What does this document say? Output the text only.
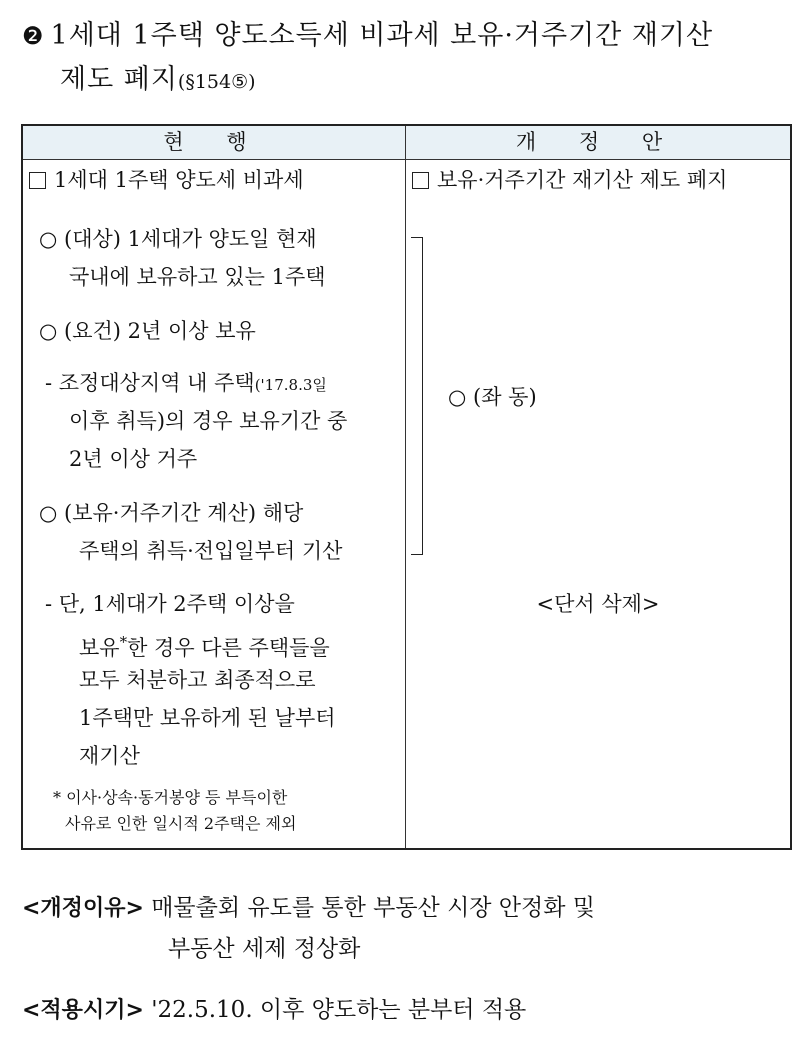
❷ 1세대 1주택 양도소득세 비과세 보유·거주기간 재기산
제도 폐지(§154⑤)
현 행	개 정 안
1세대 1주택 양도세 비과세
○ (대상) 1세대가 양도일 현재
국내에 보유하고 있는 1주택
○ (요건) 2년 이상 보유
- 조정대상지역 내 주택('17.8.3일
이후 취득)의 경우 보유기간 중
2년 이상 거주
○ (보유·거주기간 계산) 해당
주택의 취득·전입일부터 기산
- 단, 1세대가 2주택 이상을
보유*한 경우 다른 주택들을
모두 처분하고 최종적으로
1주택만 보유하게 된 날부터
재기산
* 이사·상속·동거봉양 등 부득이한
사유로 인한 일시적 2주택은 제외
보유·거주기간 재기산 제도 폐지
○ (좌 동)
<단서 삭제>
<개정이유> 매물출회 유도를 통한 부동산 시장 안정화 및
부동산 세제 정상화
<적용시기> '22.5.10. 이후 양도하는 분부터 적용
